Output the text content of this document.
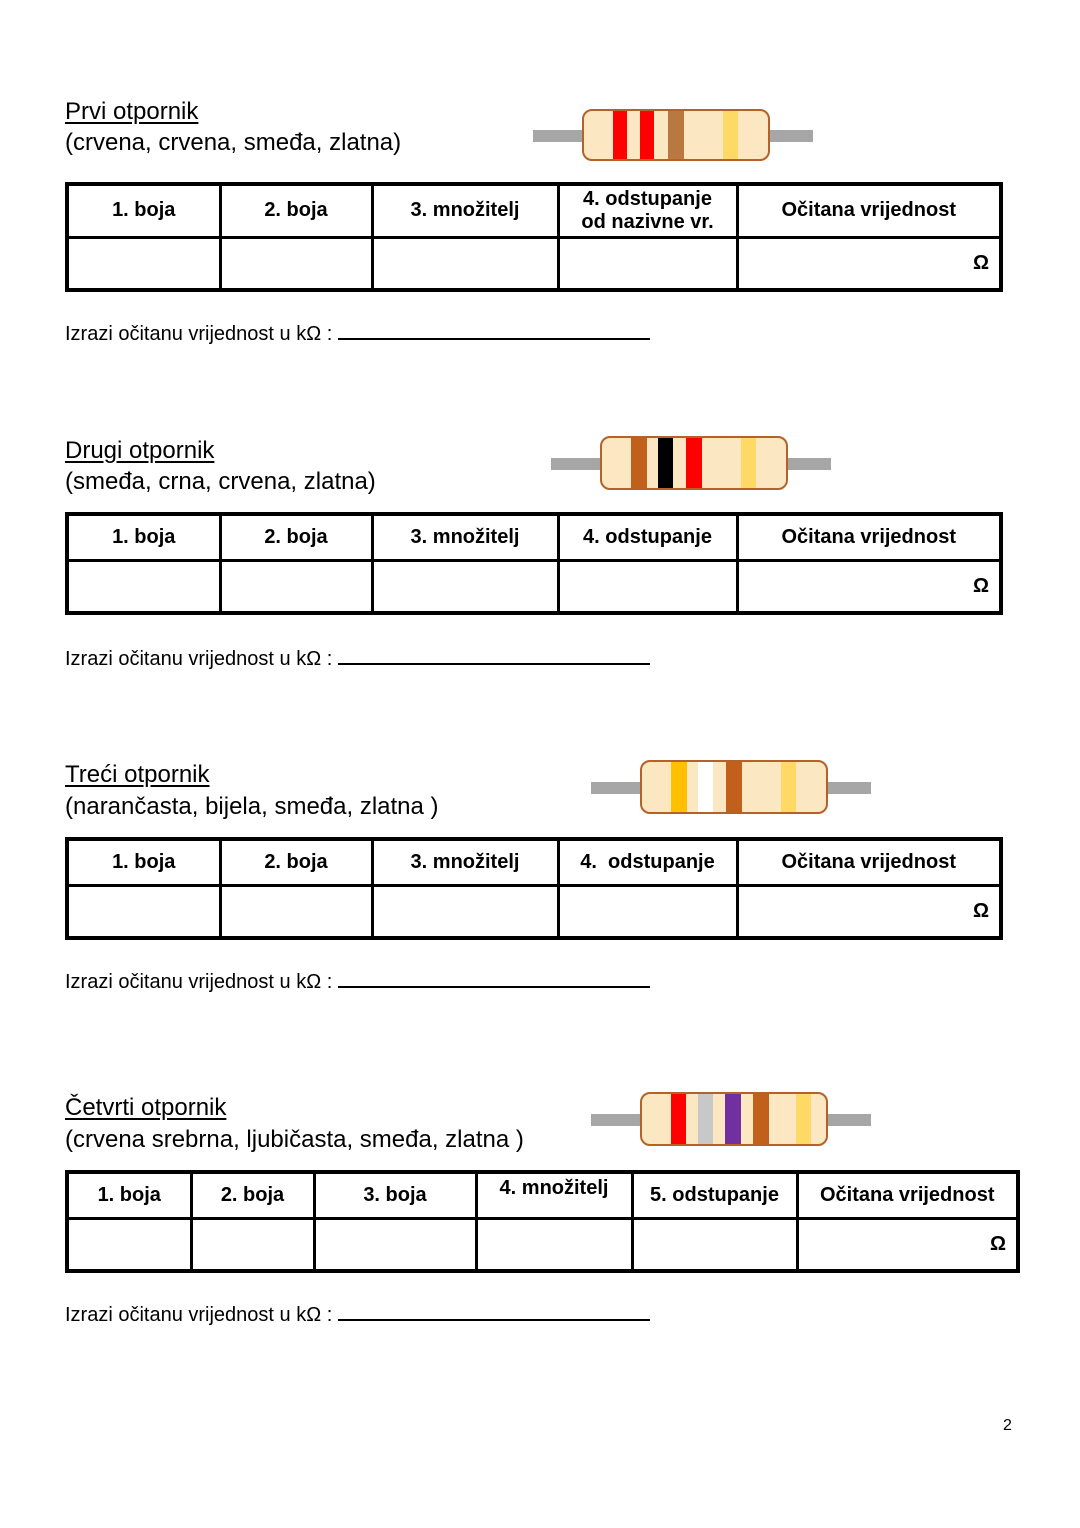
Prvi otpornik
(crvena, crvena, smeđa, zlatna)
1. boja	2. boja	3. množitelj	4. odstupanje
od nazivne vr.	Očitana vrijednost
				Ω
Izrazi očitanu vrijednost u kΩ :
Drugi otpornik
(smeđa, crna, crvena, zlatna)
1. boja	2. boja	3. množitelj	4. odstupanje	Očitana vrijednost
				Ω
Izrazi očitanu vrijednost u kΩ :
Treći otpornik
(narančasta, bijela, smeđa, zlatna )
1. boja	2. boja	3. množitelj	4.  odstupanje	Očitana vrijednost
				Ω
Izrazi očitanu vrijednost u kΩ :
Četvrti otpornik
(crvena srebrna, ljubičasta, smeđa, zlatna )
1. boja	2. boja	3. boja	4. množitelj	5. odstupanje	Očitana vrijednost
					Ω
Izrazi očitanu vrijednost u kΩ :
2
